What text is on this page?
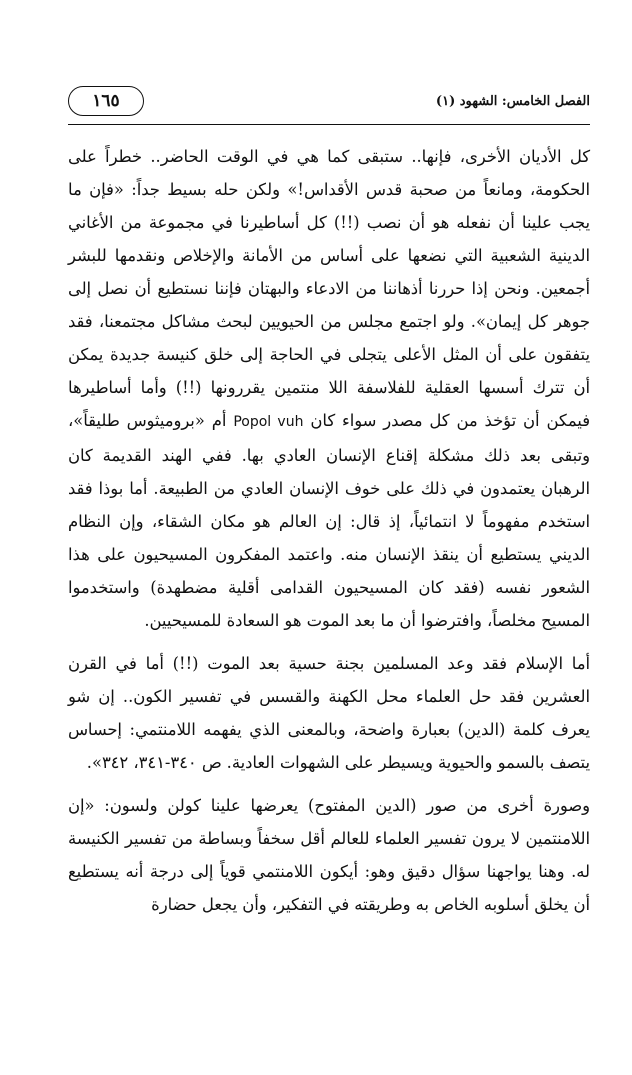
١٦٥	الفصل الخامس: الشهود (١)

كل الأديان الأخرى، فإنها.. ستبقى كما هي في الوقت الحاضر.. خطراً على الحكومة، ومانعاً من صحبة قدس الأقداس!» ولكن حله بسيط جداً: «فإن ما يجب علينا أن نفعله هو أن نصب (!!) كل أساطيرنا في مجموعة من الأغاني الدينية الشعبية التي نضعها على أساس من الأمانة والإخلاص ونقدمها للبشر أجمعين. ونحن إذا حررنا أذهاننا من الادعاء والبهتان فإننا نستطيع أن نصل إلى جوهر كل إيمان». ولو اجتمع مجلس من الحيويين لبحث مشاكل مجتمعنا، فقد يتفقون على أن المثل الأعلى يتجلى في الحاجة إلى خلق كنيسة جديدة يمكن أن تترك أسسها العقلية للفلاسفة اللا منتمين يقررونها (!!) وأما أساطيرها فيمكن أن تؤخذ من كل مصدر سواء كان Popol vuh أم «بروميثوس طليقاً»، وتبقى بعد ذلك مشكلة إقناع الإنسان العادي بها. ففي الهند القديمة كان الرهبان يعتمدون في ذلك على خوف الإنسان العادي من الطبيعة. أما بوذا فقد استخدم مفهوماً لا انتمائياً، إذ قال: إن العالم هو مكان الشقاء، وإن النظام الديني يستطيع أن ينقذ الإنسان منه. واعتمد المفكرون المسيحيون على هذا الشعور نفسه (فقد كان المسيحيون القدامى أقلية مضطهدة) واستخدموا المسيح مخلصاً، وافترضوا أن ما بعد الموت هو السعادة للمسيحيين.

أما الإسلام فقد وعد المسلمين بجنة حسية بعد الموت (!!) أما في القرن العشرين فقد حل العلماء محل الكهنة والقسس في تفسير الكون.. إن شو يعرف كلمة (الدين) بعبارة واضحة، وبالمعنى الذي يفهمه اللامنتمي: إحساس يتصف بالسمو والحيوية ويسيطر على الشهوات العادية. ص ٣٤٠-٣٤١، ٣٤٢».

وصورة أخرى من صور (الدين المفتوح) يعرضها علينا كولن ولسون: «إن اللامنتمين لا يرون تفسير العلماء للعالم أقل سخفاً وبساطة من تفسير الكنيسة له. وهنا يواجهنا سؤال دقيق وهو: أيكون اللامنتمي قوياً إلى درجة أنه يستطيع أن يخلق أسلوبه الخاص به وطريقته في التفكير، وأن يجعل حضارة
